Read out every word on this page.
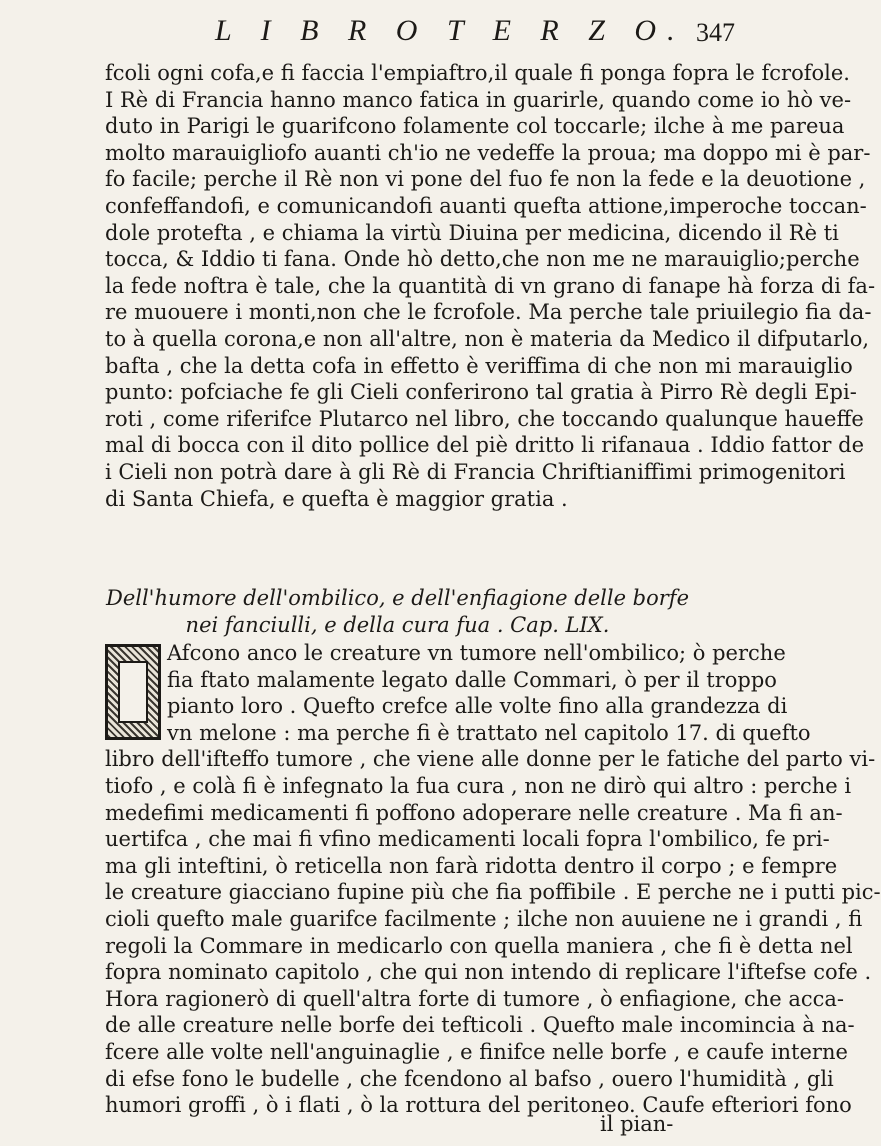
L I B R O T E R Z O. 347
fcoli ogni cofa,e fi faccia l'empiaftro,il quale fi ponga fopra le fcrofole.
I Rè di Francia hanno manco fatica in guarirle, quando come io hò ve-
duto in Parigi le guarifcono folamente col toccarle; ilche à me pareua
molto marauigliofo auanti ch'io ne vedeffe la proua; ma doppo mi è par-
fo facile; perche il Rè non vi pone del fuo fe non la fede e la deuotione ,
confeffandofi, e comunicandofi auanti quefta attione,imperoche toccan-
dole protefta , e chiama la virtù Diuina per medicina, dicendo il Rè ti
tocca, & Iddio ti fana. Onde hò detto,che non me ne marauiglio;perche
la fede noftra è tale, che la quantità di vn grano di fanape hà forza di fa-
re muouere i monti,non che le fcrofole. Ma perche tale priuilegio fia da-
to à quella corona,e non all'altre, non è materia da Medico il difputarlo,
bafta , che la detta cofa in effetto è veriffima di che non mi marauiglio
punto: pofciache fe gli Cieli conferirono tal gratia à Pirro Rè degli Epi-
roti , come riferifce Plutarco nel libro, che toccando qualunque haueffe
mal di bocca con il dito pollice del piè dritto li rifanaua . Iddio fattor de
i Cieli non potrà dare à gli Rè di Francia Chriftianiffimi primogenitori
di Santa Chiefa, e quefta è maggior gratia .
Dell'humore dell'ombilico, e dell'enfiagione delle borfe
nei fanciulli, e della cura fua . Cap. LIX.
Afcono anco le creature vn tumore nell'ombilico; ò perche
fia ftato malamente legato dalle Commari, ò per il troppo
pianto loro . Quefto crefce alle volte fino alla grandezza di
vn melone : ma perche fi è trattato nel capitolo 17. di quefto
libro dell'ifteffo tumore , che viene alle donne per le fatiche del parto vi-
tiofo , e colà fi è infegnato la fua cura , non ne dirò qui altro : perche i
medefimi medicamenti fi poffono adoperare nelle creature . Ma fi an-
uertifca , che mai fi vfino medicamenti locali fopra l'ombilico, fe pri-
ma gli inteftini, ò reticella non farà ridotta dentro il corpo ; e fempre
le creature giacciano fupine più che fia poffibile . E perche ne i putti pic-
cioli quefto male guarifce facilmente ; ilche non auuiene ne i grandi , fi
regoli la Commare in medicarlo con quella maniera , che fi è detta nel
fopra nominato capitolo , che qui non intendo di replicare l'iftefse cofe .
Hora ragionerò di quell'altra forte di tumore , ò enfiagione, che acca-
de alle creature nelle borfe dei tefticoli . Quefto male incomincia à na-
fcere alle volte nell'anguinaglie , e finifce nelle borfe , e caufe interne
di efse fono le budelle , che fcendono al bafso , ouero l'humidità , gli
humori groffi , ò i flati , ò la rottura del peritoneo. Caufe efteriori fono
il pian-
